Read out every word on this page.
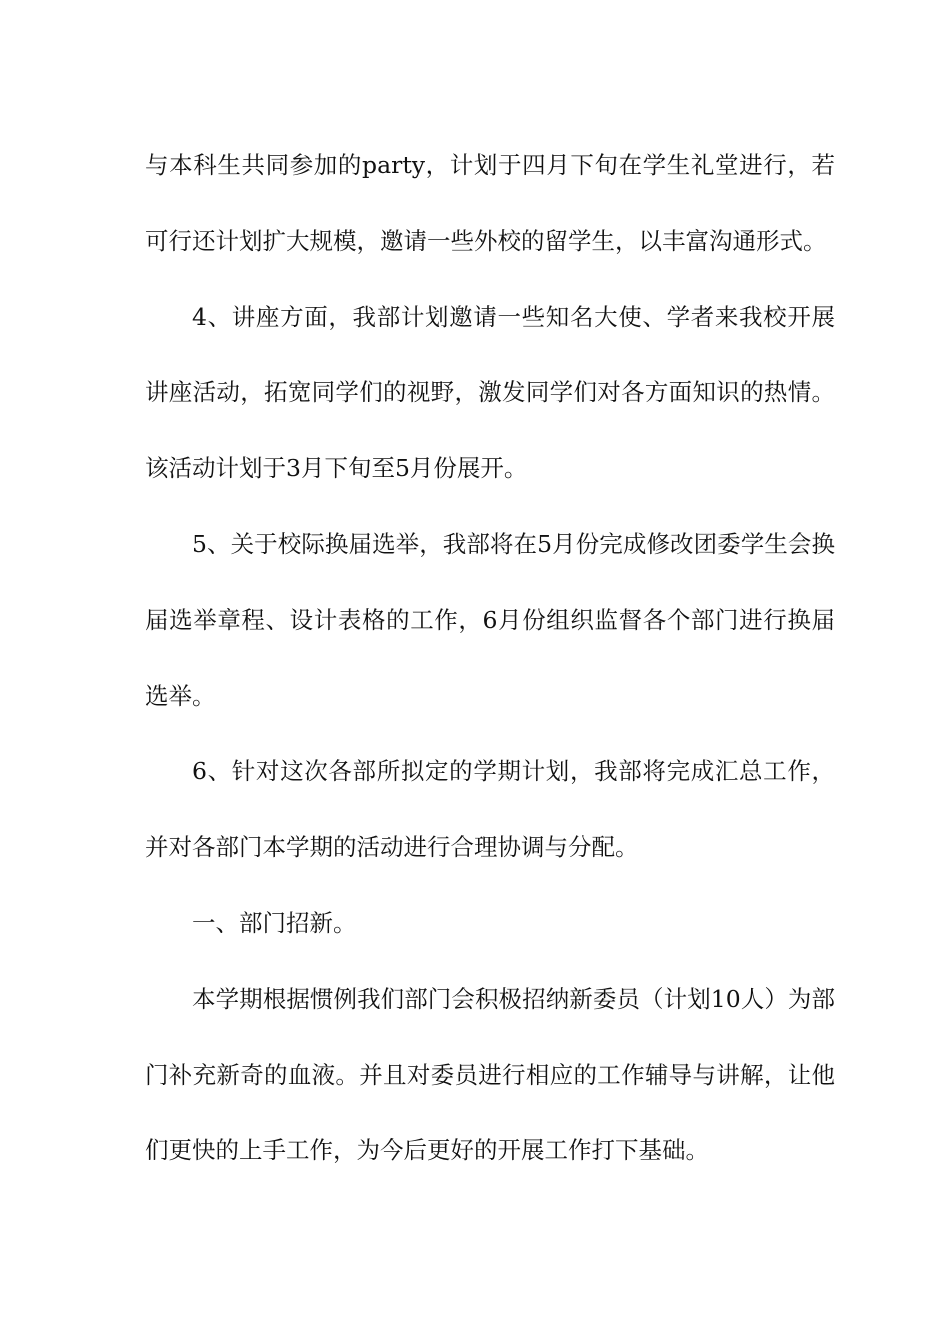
与本科生共同参加的party，计划于四月下旬在学生礼堂进行，若可行还计划扩大规模，邀请一些外校的留学生，以丰富沟通形式。

4、讲座方面，我部计划邀请一些知名大使、学者来我校开展讲座活动，拓宽同学们的视野，激发同学们对各方面知识的热情。该活动计划于3月下旬至5月份展开。

5、关于校际换届选举，我部将在5月份完成修改团委学生会换届选举章程、设计表格的工作，6月份组织监督各个部门进行换届选举。

6、针对这次各部所拟定的学期计划，我部将完成汇总工作，并对各部门本学期的活动进行合理协调与分配。

一、部门招新。

本学期根据惯例我们部门会积极招纳新委员（计划10人）为部门补充新奇的血液。并且对委员进行相应的工作辅导与讲解，让他们更快的上手工作，为今后更好的开展工作打下基础。
